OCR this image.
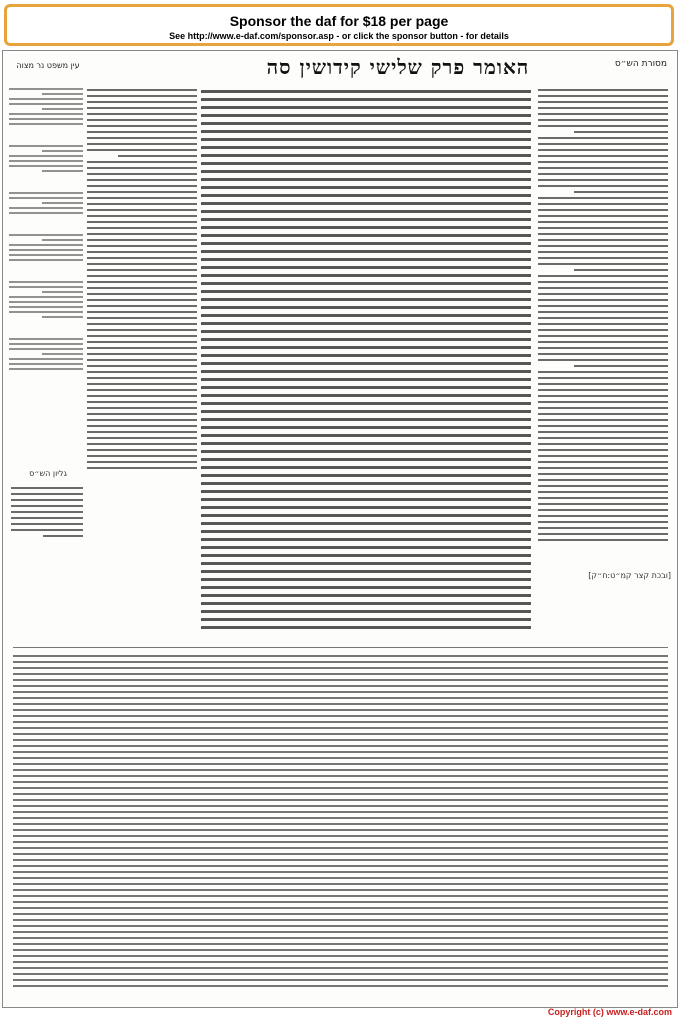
Sponsor the daf for $18 per page
See http://www.e-daf.com/sponsor.asp - or click the sponsor button - for details
מסורת הש״ס
עין משפט נר מצוה	האומר פרק שלישי קידושין סה
גליון הש״ס
[ובכת קצר קמ״ט:ח״ק]
Copyright (c) www.e-daf.com
